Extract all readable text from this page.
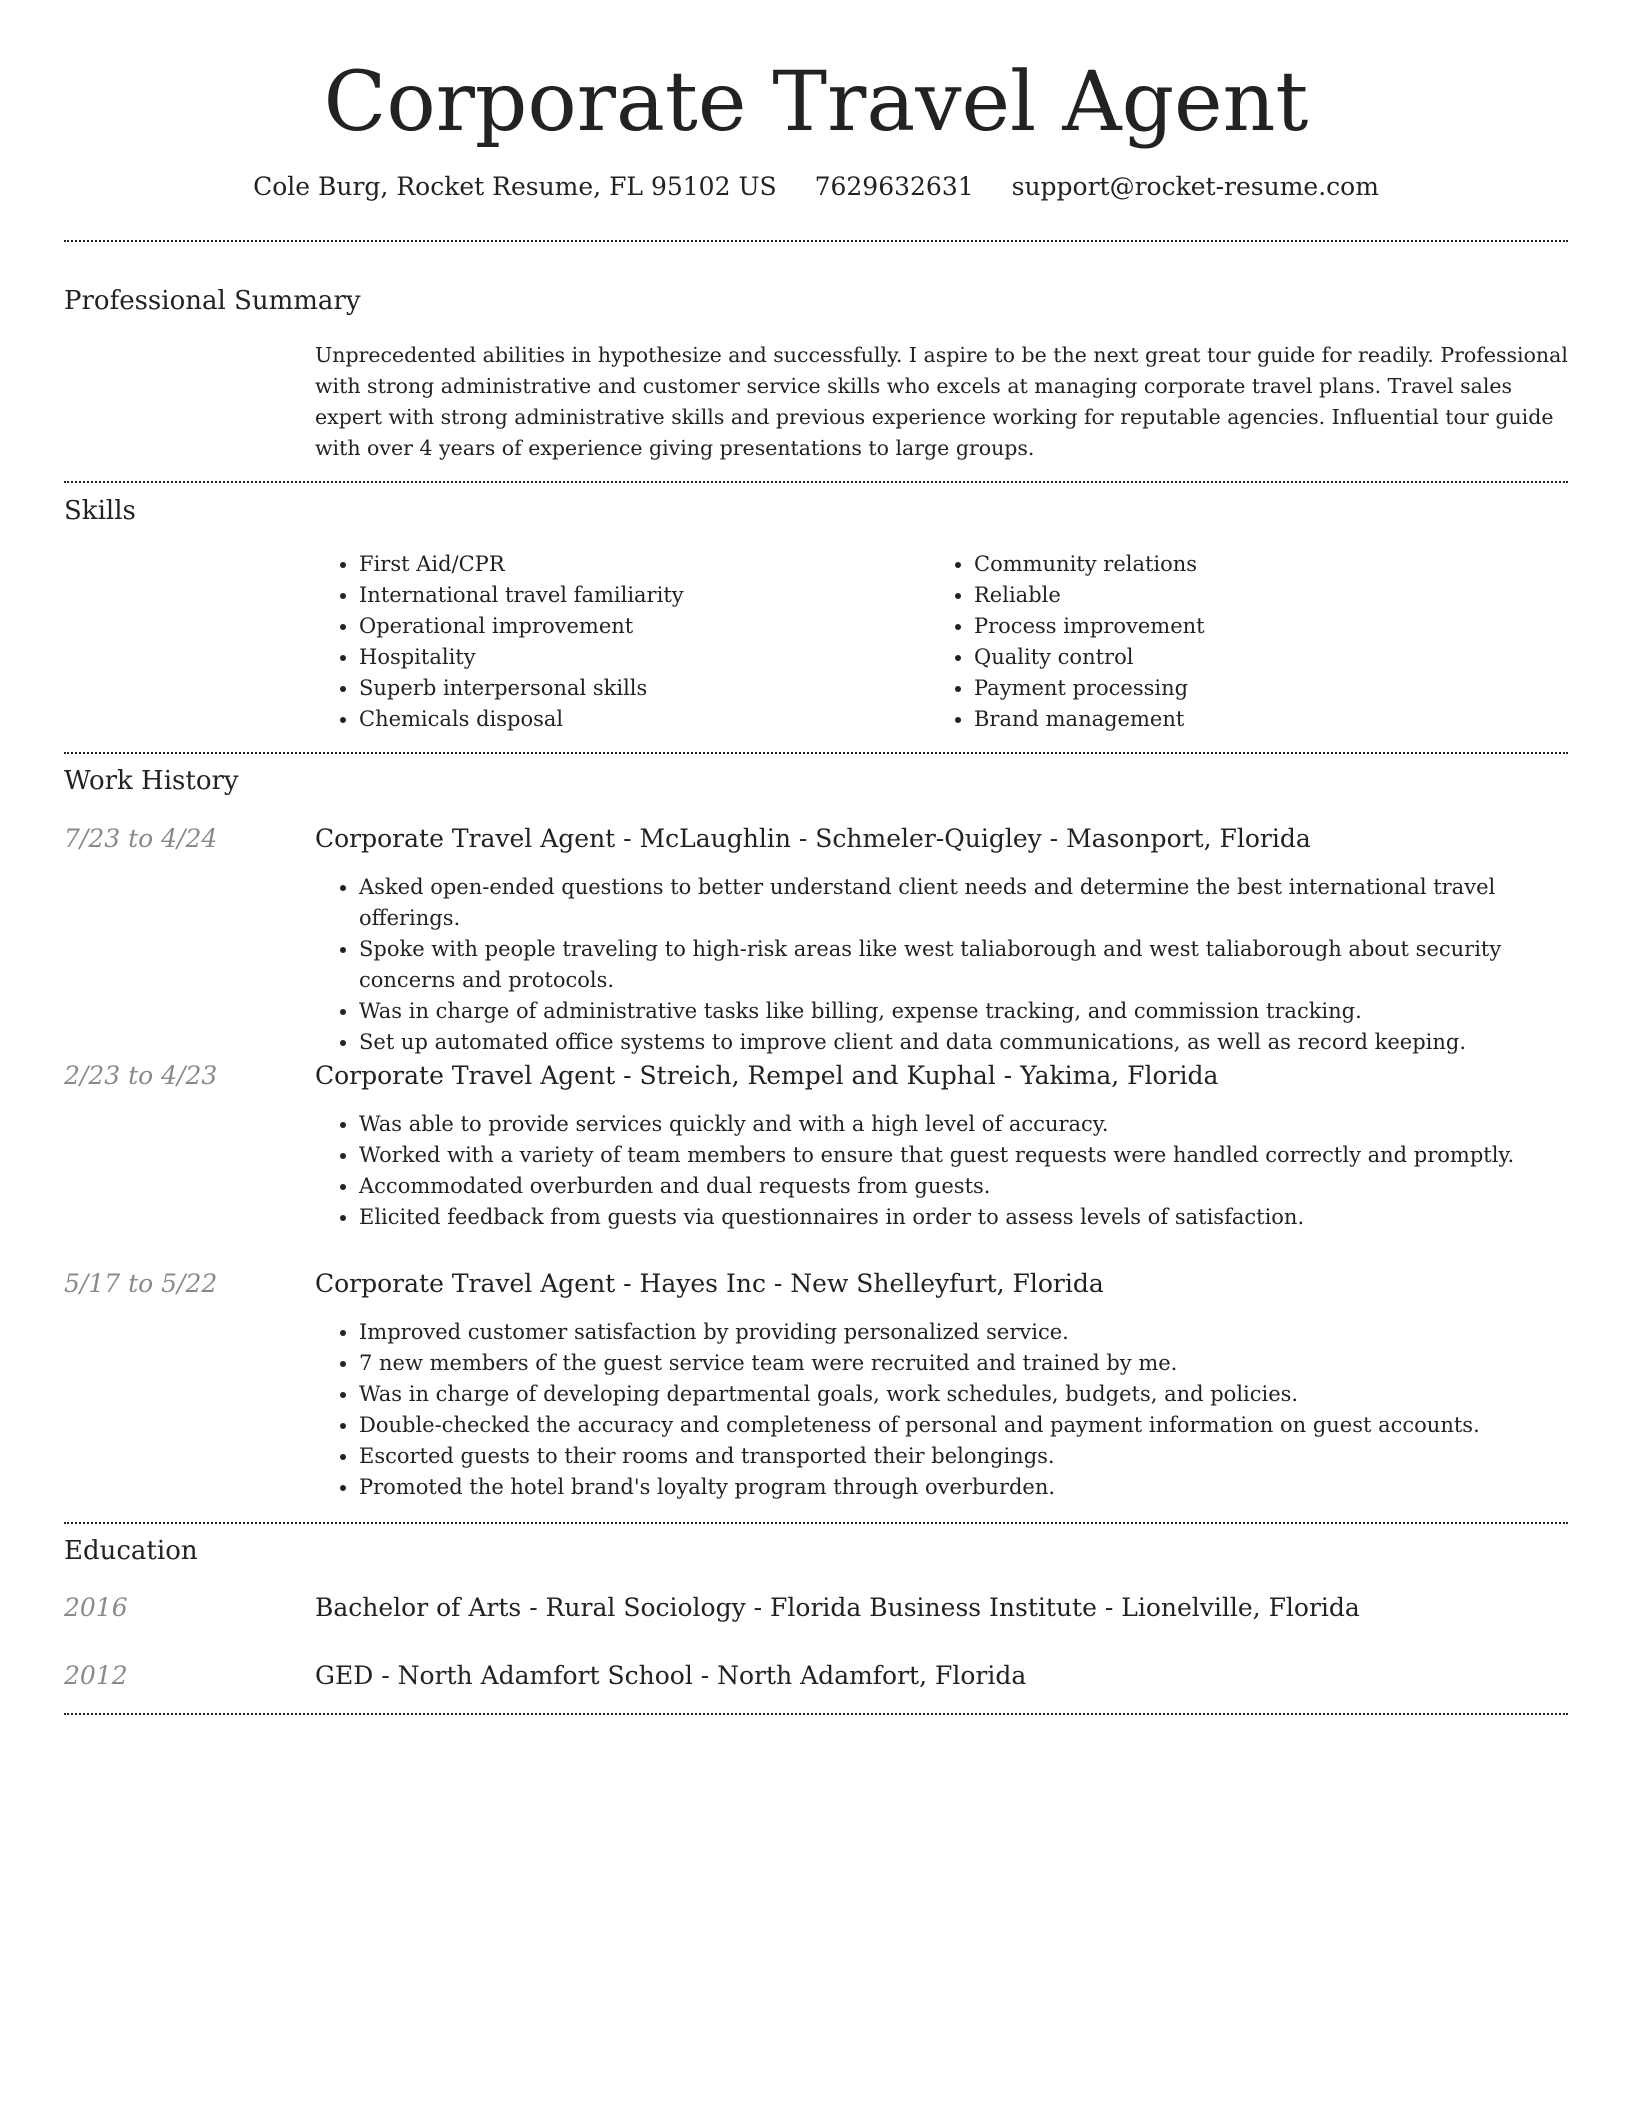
Corporate Travel Agent
Cole Burg, Rocket Resume, FL 95102 US 7629632631 support@rocket-resume.com
Professional Summary

Unprecedented abilities in hypothesize and successfully. I aspire to be the next great tour guide for readily. Professional with strong administrative and customer service skills who excels at managing corporate travel plans. Travel sales expert with strong administrative skills and previous experience working for reputable agencies. Influential tour guide with over 4 years of experience giving presentations to large groups.

Skills
• First Aid/CPR
• International travel familiarity
• Operational improvement
• Hospitality
• Superb interpersonal skills
• Chemicals disposal
• Community relations
• Reliable
• Process improvement
• Quality control
• Payment processing
• Brand management
Work History
7/23 to 4/24	Corporate Travel Agent - McLaughlin - Schmeler-Quigley - Masonport, Florida
• Asked open-ended questions to better understand client needs and determine the best international travel offerings.
• Spoke with people traveling to high-risk areas like west taliaborough and west taliaborough about security concerns and protocols.
• Was in charge of administrative tasks like billing, expense tracking, and commission tracking.
• Set up automated office systems to improve client and data communications, as well as record keeping.
2/23 to 4/23	Corporate Travel Agent - Streich, Rempel and Kuphal - Yakima, Florida
• Was able to provide services quickly and with a high level of accuracy.
• Worked with a variety of team members to ensure that guest requests were handled correctly and promptly.
• Accommodated overburden and dual requests from guests.
• Elicited feedback from guests via questionnaires in order to assess levels of satisfaction.
5/17 to 5/22	Corporate Travel Agent - Hayes Inc - New Shelleyfurt, Florida
• Improved customer satisfaction by providing personalized service.
• 7 new members of the guest service team were recruited and trained by me.
• Was in charge of developing departmental goals, work schedules, budgets, and policies.
• Double-checked the accuracy and completeness of personal and payment information on guest accounts.
• Escorted guests to their rooms and transported their belongings.
• Promoted the hotel brand's loyalty program through overburden.
Education
2016	Bachelor of Arts - Rural Sociology - Florida Business Institute - Lionelville, Florida
2012	GED - North Adamfort School - North Adamfort, Florida
